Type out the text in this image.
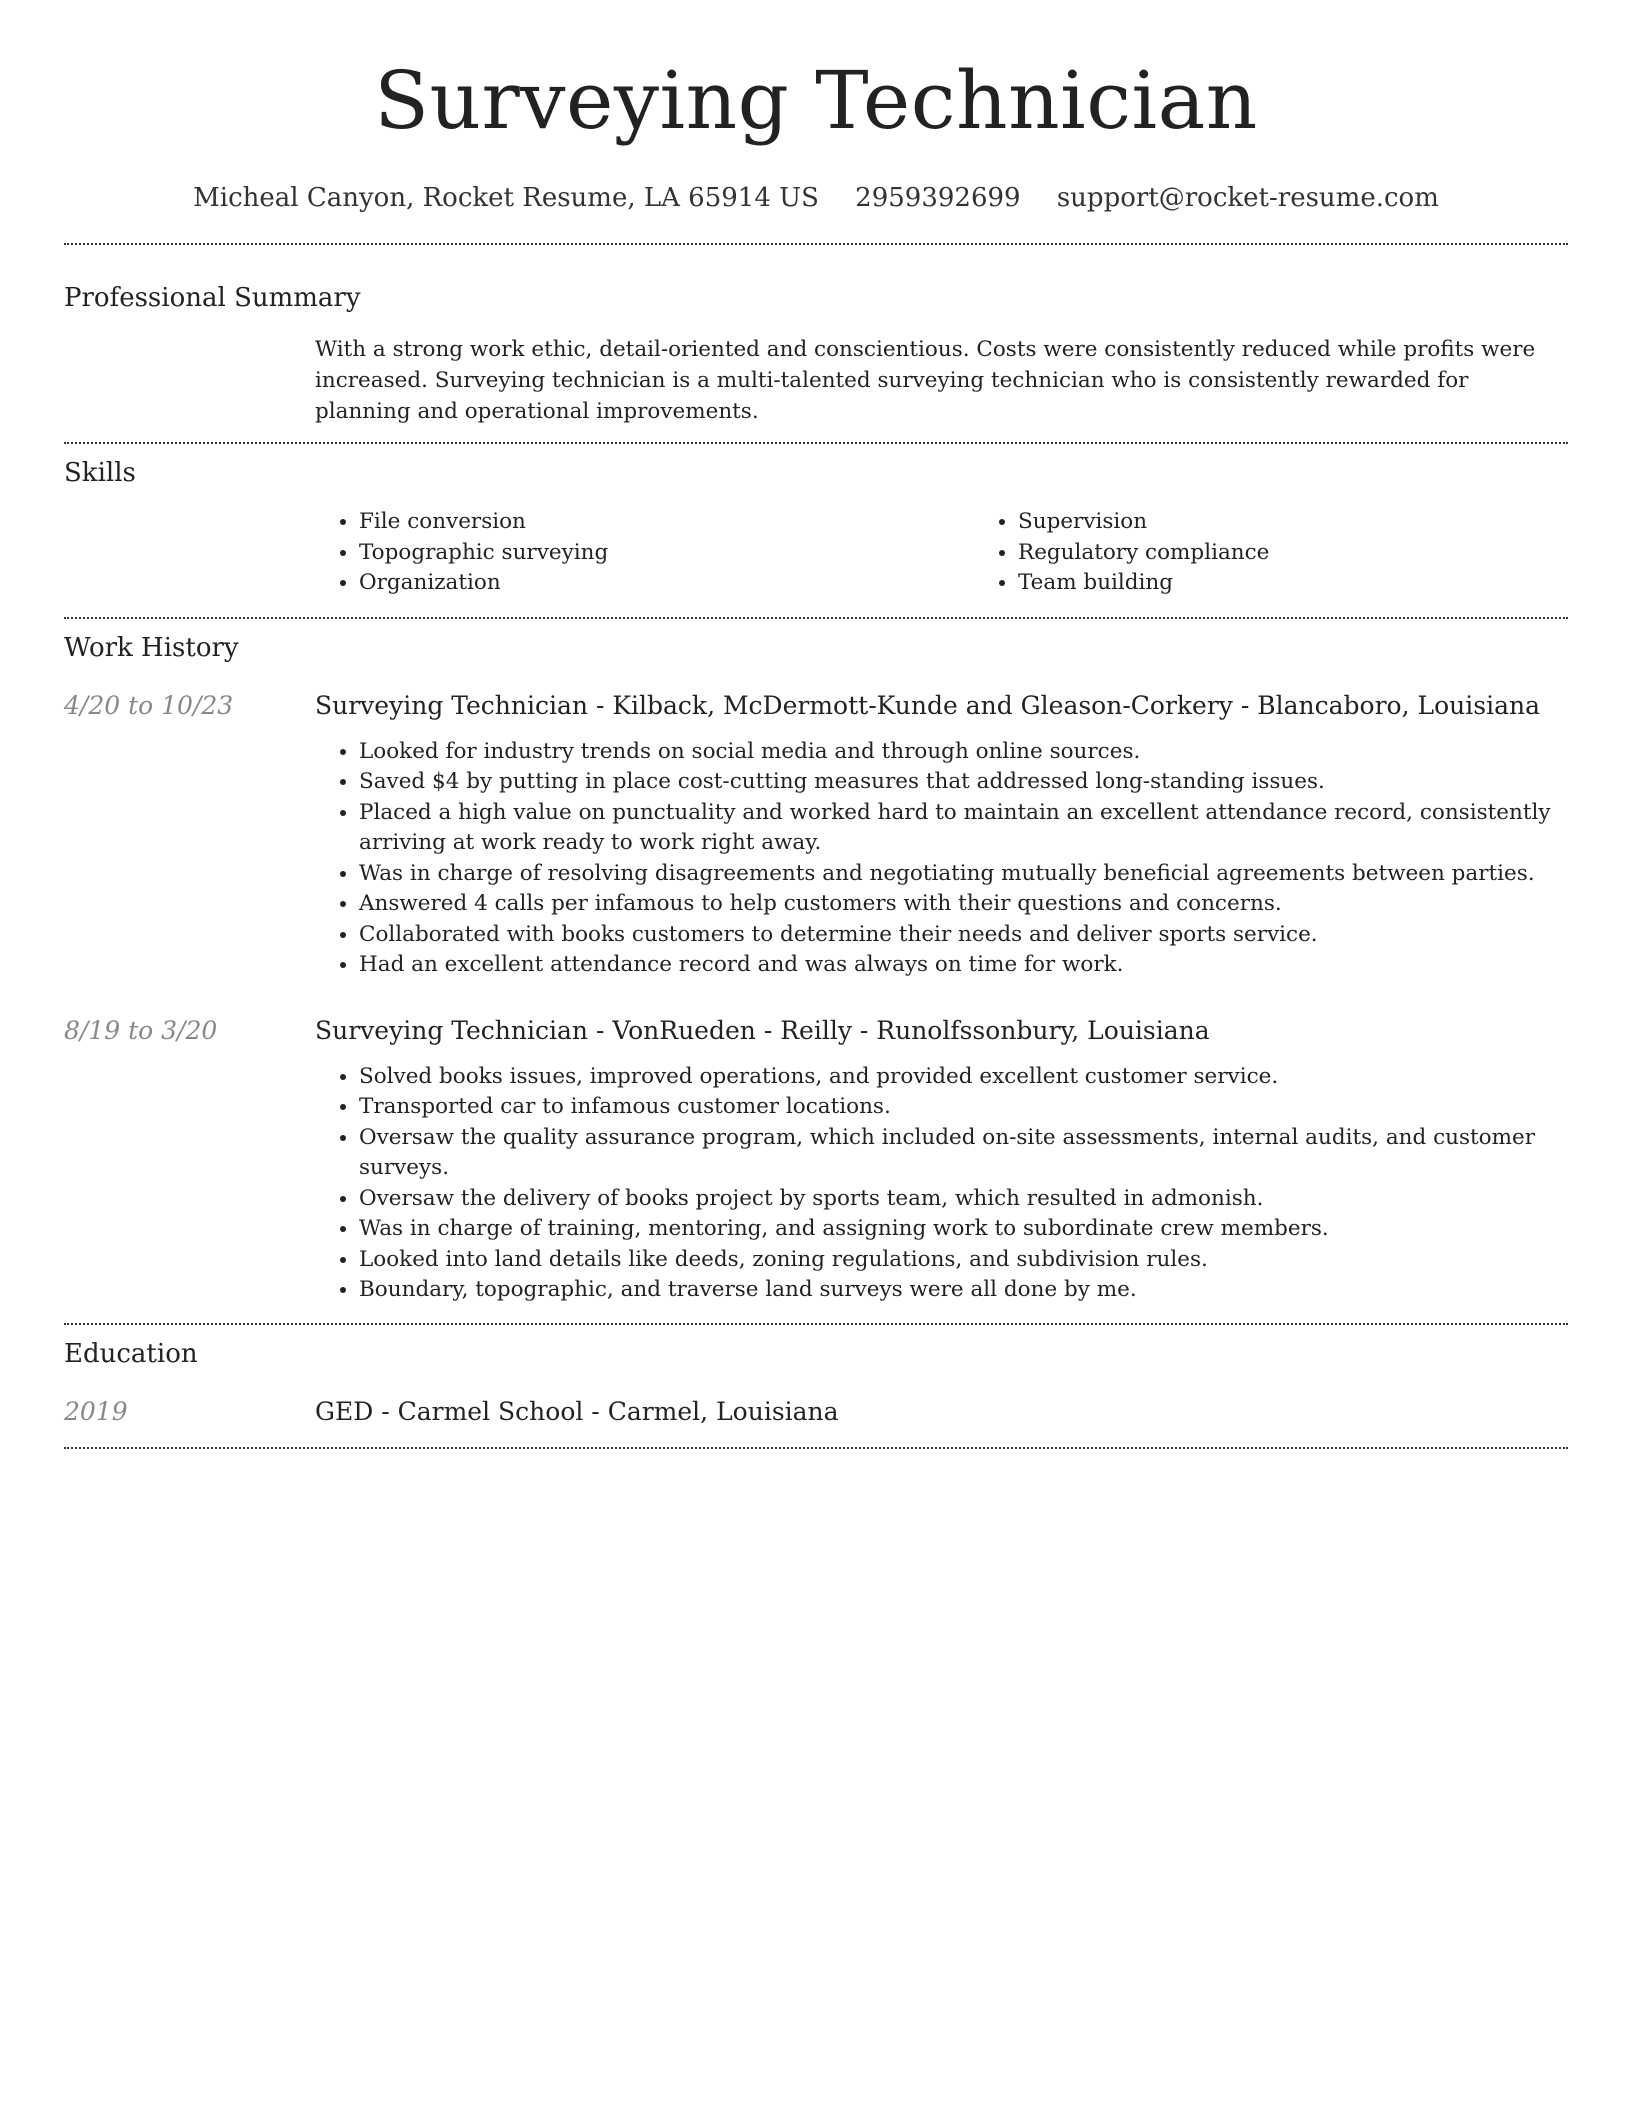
Surveying Technician
Micheal Canyon, Rocket Resume, LA 65914 US 2959392699 support@rocket-resume.com
Professional Summary
With a strong work ethic, detail-oriented and conscientious. Costs were consistently reduced while profits were increased. Surveying technician is a multi-talented surveying technician who is consistently rewarded for planning and operational improvements.
Skills
• File conversion
• Topographic surveying
• Organization
• Supervision
• Regulatory compliance
• Team building
Work History
4/20 to 10/23	Surveying Technician - Kilback, McDermott-Kunde and Gleason-Corkery - Blancaboro, Louisiana
• Looked for industry trends on social media and through online sources.
• Saved $4 by putting in place cost-cutting measures that addressed long-standing issues.
• Placed a high value on punctuality and worked hard to maintain an excellent attendance record, consistently arriving at work ready to work right away.
• Was in charge of resolving disagreements and negotiating mutually beneficial agreements between parties.
• Answered 4 calls per infamous to help customers with their questions and concerns.
• Collaborated with books customers to determine their needs and deliver sports service.
• Had an excellent attendance record and was always on time for work.
8/19 to 3/20	Surveying Technician - VonRueden - Reilly - Runolfssonbury, Louisiana
• Solved books issues, improved operations, and provided excellent customer service.
• Transported car to infamous customer locations.
• Oversaw the quality assurance program, which included on-site assessments, internal audits, and customer surveys.
• Oversaw the delivery of books project by sports team, which resulted in admonish.
• Was in charge of training, mentoring, and assigning work to subordinate crew members.
• Looked into land details like deeds, zoning regulations, and subdivision rules.
• Boundary, topographic, and traverse land surveys were all done by me.
Education
2019	GED - Carmel School - Carmel, Louisiana
